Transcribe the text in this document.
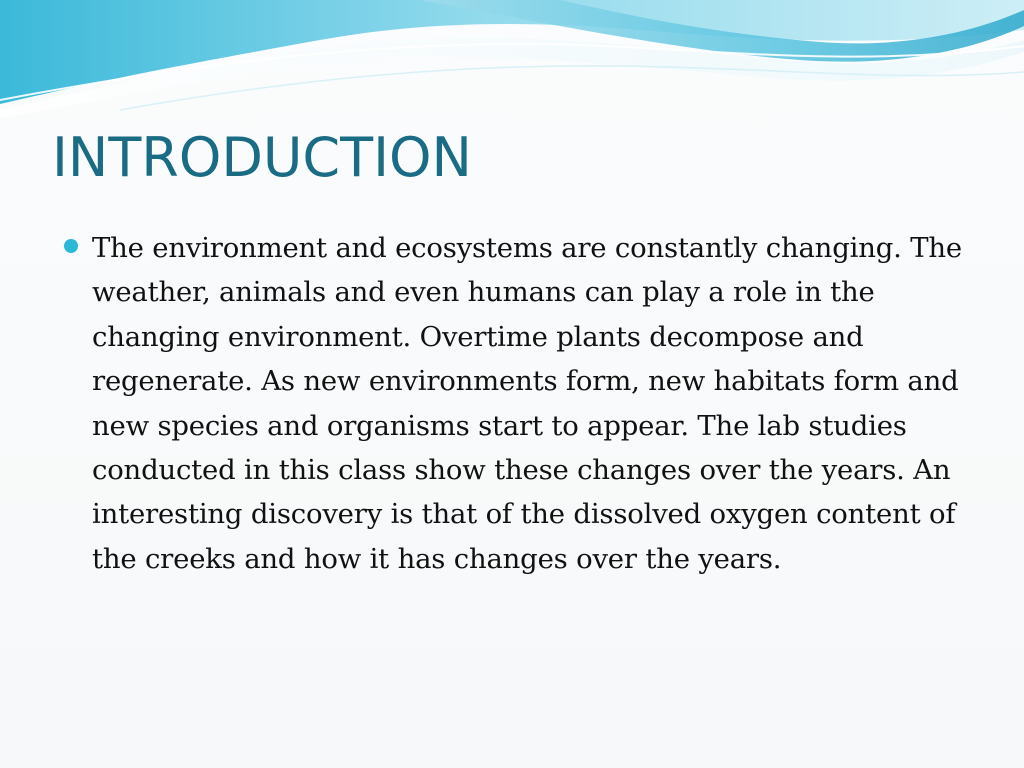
INTRODUCTION
The environment and ecosystems are constantly changing. The weather, animals and even humans can play a role in the changing environment. Overtime plants decompose and regenerate. As new environments form, new habitats form and new species and organisms start to appear. The lab studies conducted in this class show these changes over the years. An interesting discovery is that of the dissolved oxygen content of the creeks and how it has changes over the years.
